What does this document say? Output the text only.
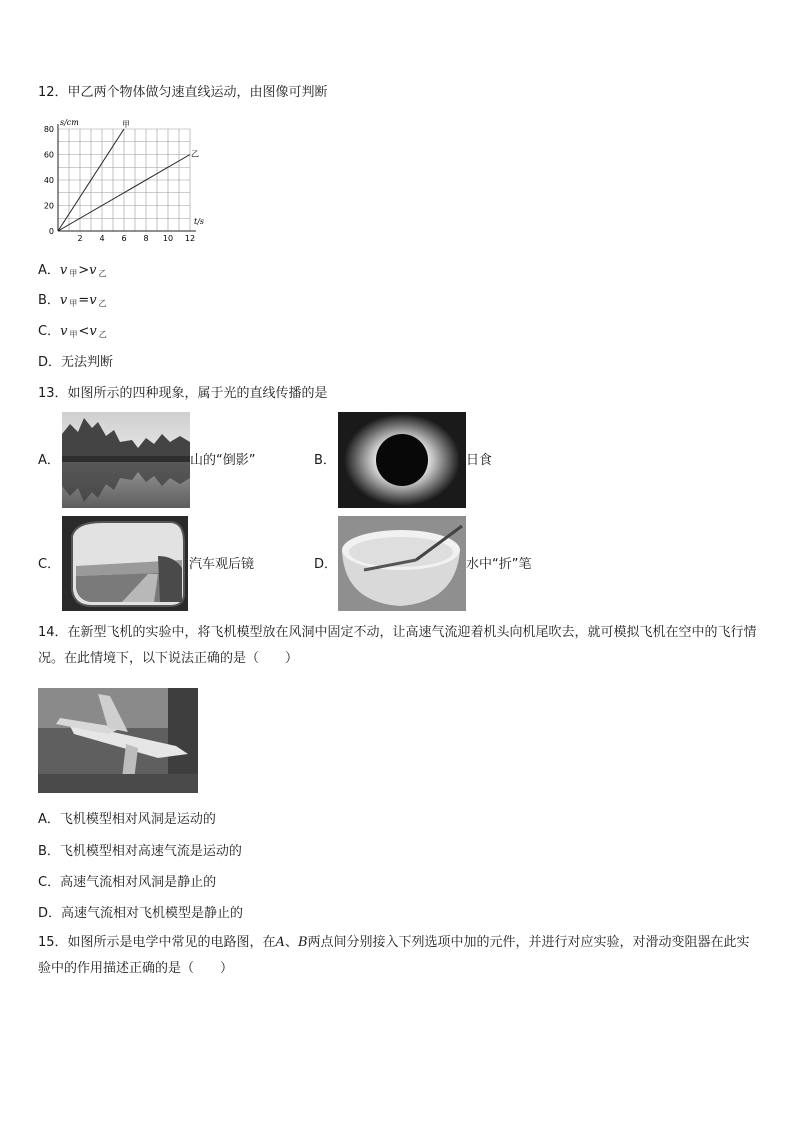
12．甲乙两个物体做匀速直线运动，由图像可判断
2 4 6 8 10 12
0
20
40
60
80
s/cm
t/s
甲
乙
A．v $_甲$>v $_乙$
B．v $_甲$=v $_乙$
C．v $_甲$<v $_乙$
D．无法判断
13．如图所示的四种现象，属于光的直线传播的是
A．	山的“倒影”	B．	日食
C．	汽车观后镜	D．	水中“折”笔
14．在新型飞机的实验中，将飞机模型放在风洞中固定不动，让高速气流迎着机头向机尾吹去，就可模拟飞机在空中的飞行情况。在此情境下，以下说法正确的是（　　）
A．飞机模型相对风洞是运动的
B．飞机模型相对高速气流是运动的
C．高速气流相对风洞是静止的
D．高速气流相对飞机模型是静止的
15．如图所示是电学中常见的电路图，在A、B两点间分别接入下列选项中加的元件，并进行对应实验，对滑动变阻器在此实验中的作用描述正确的是（　　）
